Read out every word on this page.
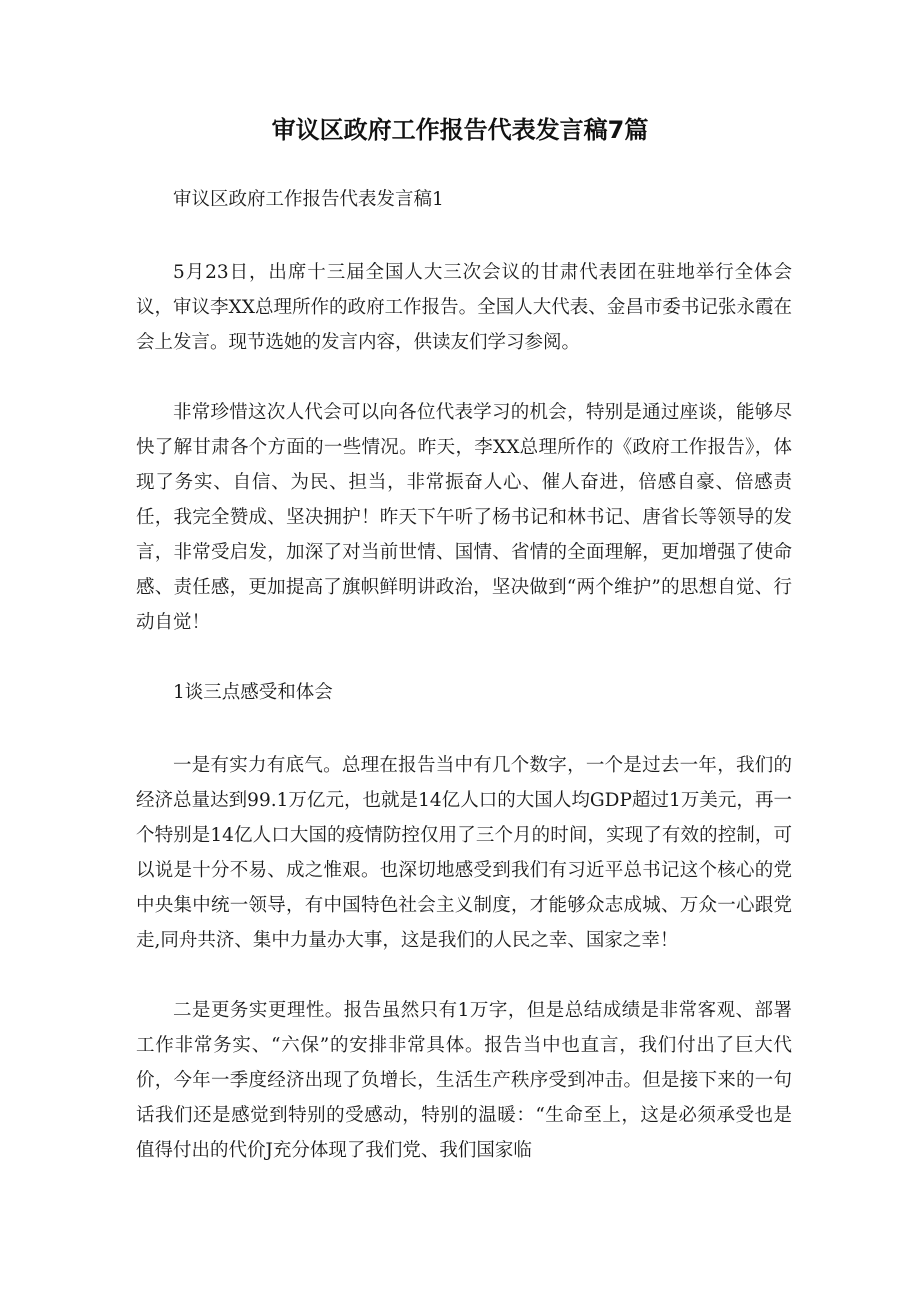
审议区政府工作报告代表发言稿7篇

审议区政府工作报告代表发言稿1

5月23日，出席十三届全国人大三次会议的甘肃代表团在驻地举行全体会议，审议李XX总理所作的政府工作报告。全国人大代表、金昌市委书记张永霞在会上发言。现节选她的发言内容，供读友们学习参阅。

非常珍惜这次人代会可以向各位代表学习的机会，特别是通过座谈，能够尽快了解甘肃各个方面的一些情况。昨天，李XX总理所作的《政府工作报告》，体现了务实、自信、为民、担当，非常振奋人心、催人奋进，倍感自豪、倍感责任，我完全赞成、坚决拥护！昨天下午听了杨书记和林书记、唐省长等领导的发言，非常受启发，加深了对当前世情、国情、省情的全面理解，更加增强了使命感、责任感，更加提高了旗帜鲜明讲政治，坚决做到“两个维护”的思想自觉、行动自觉！

1谈三点感受和体会

一是有实力有底气。总理在报告当中有几个数字，一个是过去一年，我们的经济总量达到99.1万亿元，也就是14亿人口的大国人均GDP超过1万美元，再一个特别是14亿人口大国的疫情防控仅用了三个月的时间，实现了有效的控制，可以说是十分不易、成之惟艰。也深切地感受到我们有习近平总书记这个核心的党中央集中统一领导，有中国特色社会主义制度，才能够众志成城、万众一心跟党走,同舟共济、集中力量办大事，这是我们的人民之幸、国家之幸！

二是更务实更理性。报告虽然只有1万字，但是总结成绩是非常客观、部署工作非常务实、“六保”的安排非常具体。报告当中也直言，我们付出了巨大代价，今年一季度经济出现了负增长，生活生产秩序受到冲击。但是接下来的一句话我们还是感觉到特别的受感动，特别的温暖：“生命至上，这是必须承受也是值得付出的代价J充分体现了我们党、我们国家临
